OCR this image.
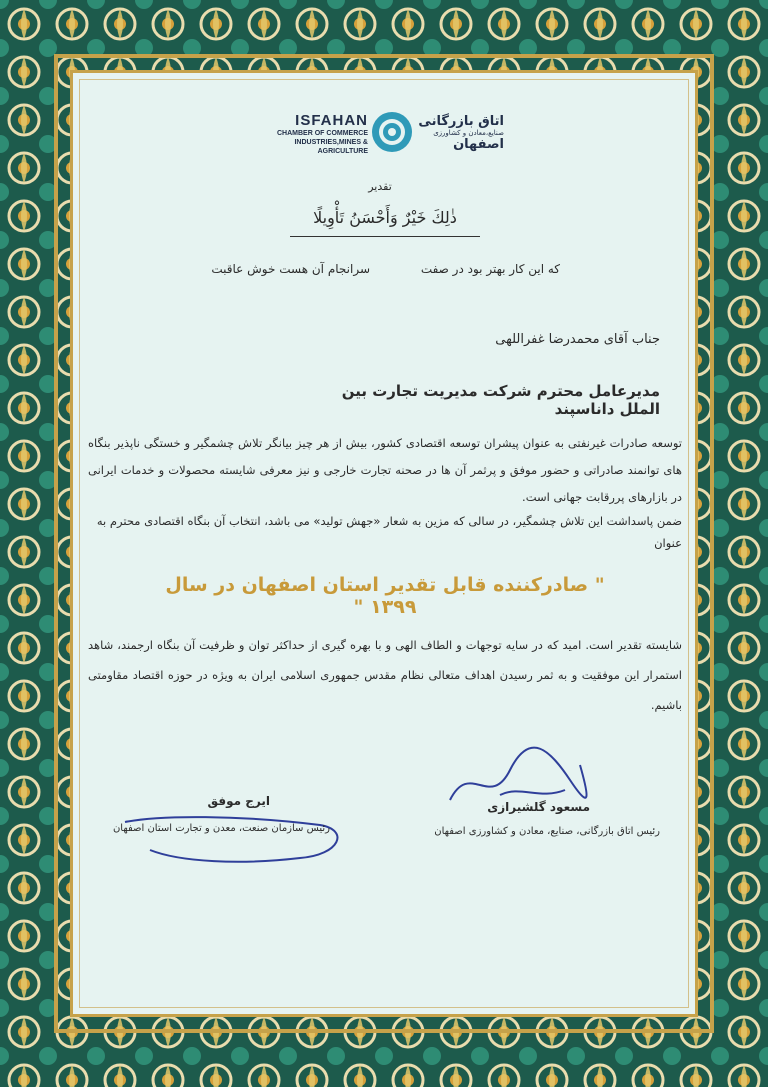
ISFAHAN
CHAMBER OF COMMERCE
INDUSTRIES,MINES & AGRICULTURE
اتاق بازرگانی
صنایع،معادن و کشاورزی
اصفهان
تقدیر
ذٰلِكَ خَيْرٌ وَأَحْسَنُ تَأْوِيلًا
که این کار بهتر بود در صفت
سرانجام آن هست خوش عاقبت
جناب آقای محمدرضا غفراللهی
مدیرعامل محترم شرکت مدیریت تجارت بین الملل داناسپند
توسعه صادرات غیرنفتی به عنوان پیشران توسعه اقتصادی کشور، بیش از هر چیز بیانگر تلاش چشمگیر و خستگی ناپذیر بنگاه های توانمند صادراتی و حضور موفق و پرثمر آن ها در صحنه تجارت خارجی و نیز معرفی شایسته محصولات و خدمات ایرانی در بازارهای پررقابت جهانی است.
ضمن پاسداشت این تلاش چشمگیر، در سالی که مزین به شعار «جهش تولید» می باشد، انتخاب آن بنگاه اقتصادی محترم به عنوان
" صادرکننده قابل تقدیر استان اصفهان در سال ۱۳۹۹ "
شایسته تقدیر است. امید که در سایه توجهات و الطاف الهی و با بهره گیری از حداکثر توان و ظرفیت آن بنگاه ارجمند، شاهد استمرار این موفقیت و به ثمر رسیدن اهداف متعالی نظام مقدس جمهوری اسلامی ایران به ویژه در حوزه اقتصاد مقاومتی باشیم.
مسعود گلشیرازی
رئیس اتاق بازرگانی، صنایع، معادن و کشاورزی اصفهان
ایرج موفق
رئیس سازمان صنعت، معدن و تجارت استان اصفهان
